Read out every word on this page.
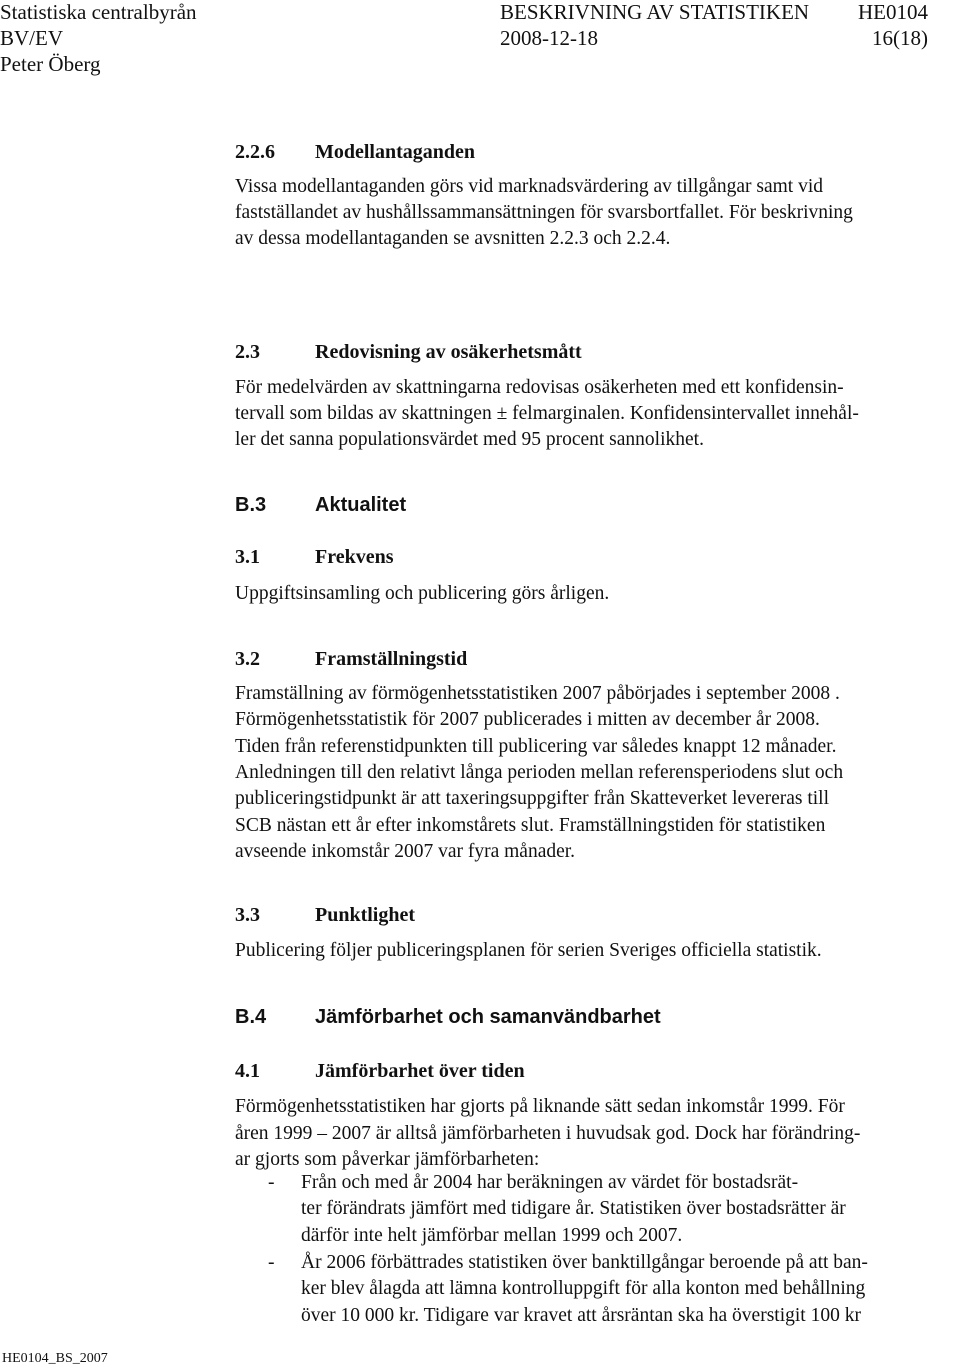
Statistiska centralbyrån
BV/EV
Peter Öberg
BESKRIVNING AV STATISTIKEN
2008-12-18
HE0104
16(18)
2.2.6 Modellantaganden
Vissa modellantaganden görs vid marknadsvärdering av tillgångar samt vid
fastställandet av hushållssammansättningen för svarsbortfallet. För beskrivning
av dessa modellantaganden se avsnitten 2.2.3 och 2.2.4.
2.3	Redovisning av osäkerhetsmått
För medelvärden av skattningarna redovisas osäkerheten med ett konfidensin-
tervall som bildas av skattningen ± felmarginalen. Konfidensintervallet innehål-
ler det sanna populationsvärdet med 95 procent sannolikhet.
B.3 Aktualitet
3.1	Frekvens
Uppgiftsinsamling och publicering görs årligen.
3.2	Framställningstid
Framställning av förmögenhetsstatistiken 2007 påbörjades i september 2008 .
Förmögenhetsstatistik för 2007 publicerades i mitten av december år 2008.
Tiden från referenstidpunkten till publicering var således knappt 12 månader.
Anledningen till den relativt långa perioden mellan referensperiodens slut och
publiceringstidpunkt är att taxeringsuppgifter från Skatteverket levereras till
SCB nästan ett år efter inkomstårets slut. Framställningstiden för statistiken
avseende inkomstår 2007 var fyra månader.
3.3	Punktlighet
Publicering följer publiceringsplanen för serien Sveriges officiella statistik.
B.4 Jämförbarhet och samanvändbarhet
4.1	Jämförbarhet över tiden
Förmögenhetsstatistiken har gjorts på liknande sätt sedan inkomstår 1999. För
åren 1999 – 2007 är alltså jämförbarheten i huvudsak god. Dock har förändring-
ar gjorts som påverkar jämförbarheten:
- Från och med år 2004 har beräkningen av värdet för bostadsrät-
ter förändrats jämfört med tidigare år. Statistiken över bostadsrätter är
därför inte helt jämförbar mellan 1999 och 2007.
- År 2006 förbättrades statistiken över banktillgångar beroende på att ban-
ker blev ålagda att lämna kontrolluppgift för alla konton med behållning
över 10 000 kr. Tidigare var kravet att årsräntan ska ha överstigit 100 kr
HE0104_BS_2007
